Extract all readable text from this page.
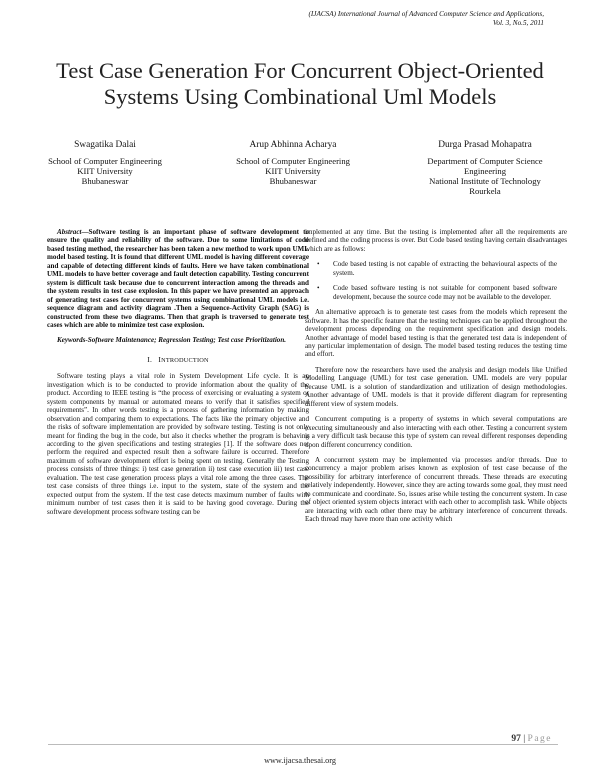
(IJACSA) International Journal of Advanced Computer Science and Applications,
Vol. 3, No.5, 2011
Test Case Generation For Concurrent Object-Oriented
Systems Using Combinational Uml Models
Swagatika Dalai
School of Computer Engineering
KIIT University
Bhubaneswar
Arup Abhinna Acharya
School of Computer Engineering
KIIT University
Bhubaneswar
Durga Prasad Mohapatra
Department of Computer Science
Engineering
National Institute of Technology
Rourkela

Abstract—Software testing is an important phase of software development to ensure the quality and reliability of the software. Due to some limitations of code based testing method, the researcher has been taken a new method to work upon UML model based testing. It is found that different UML model is having different coverage and capable of detecting different kinds of faults. Here we have taken combinational UML models to have better coverage and fault detection capability. Testing concurrent system is difficult task because due to concurrent interaction among the threads and the system results in test case explosion. In this paper we have presented an approach of generating test cases for concurrent systems using combinational UML models i.e. sequence diagram and activity diagram .Then a Sequence-Activity Graph (SAG) is constructed from these two diagrams. Then that graph is traversed to generate test cases which are able to minimize test case explosion.

Keywords-Software Maintenance; Regression Testing; Test case Prioritization.

I. INTRODUCTION

Software testing plays a vital role in System Development Life cycle. It is an investigation which is to be conducted to provide information about the quality of the product. According to IEEE testing is “the process of exercising or evaluating a system or system components by manual or automated means to verify that it satisfies specified requirements”. In other words testing is a process of gathering information by making observation and comparing them to expectations. The facts like the primary objective and the risks of software implementation are provided by software testing. Testing is not only meant for finding the bug in the code, but also it checks whether the program is behaving according to the given specifications and testing strategies [1]. If the software does not perform the required and expected result then a software failure is occurred. Therefore maximum of software development effort is being spent on testing. Generally the Testing process consists of three things: i) test case generation ii) test case execution iii) test case evaluation. The test case generation process plays a vital role among the three cases. The test case consists of three things i.e. input to the system, state of the system and the expected output from the system. If the test case detects maximum number of faults with minimum number of test cases then it is said to be having good coverage. During the software development process software testing can be

implemented at any time. But the testing is implemented after all the requirements are defined and the coding process is over. But Code based testing having certain disadvantages which are as follows:

• Code based testing is not capable of extracting the behavioural aspects of the system.
• Code based software testing is not suitable for component based software development, because the source code may not be available to the developer.

An alternative approach is to generate test cases from the models which represent the software. It has the specific feature that the testing techniques can be applied throughout the development process depending on the requirement specification and design models. Another advantage of model based testing is that the generated test data is independent of any particular implementation of design. The model based testing reduces the testing time and effort.

Therefore now the researchers have used the analysis and design models like Unified Modelling Language (UML) for test case generation. UML models are very popular because UML is a solution of standardization and utilization of design methodologies. Another advantage of UML models is that it provide different diagram for representing different view of system models.

Concurrent computing is a property of systems in which several computations are executing simultaneously and also interacting with each other. Testing a concurrent system is a very difficult task because this type of system can reveal different responses depending upon different concurrency condition.

A concurrent system may be implemented via processes and/or threads. Due to concurrency a major problem arises known as explosion of test case because of the possibility for arbitrary interference of concurrent threads. These threads are executing relatively independently. However, since they are acting towards some goal, they must need to communicate and coordinate. So, issues arise while testing the concurrent system. In case of object oriented system objects interact with each other to accomplish task. While objects are interacting with each other there may be arbitrary interference of concurrent threads. Each thread may have more than one activity which

97 | Page
www.ijacsa.thesai.org
